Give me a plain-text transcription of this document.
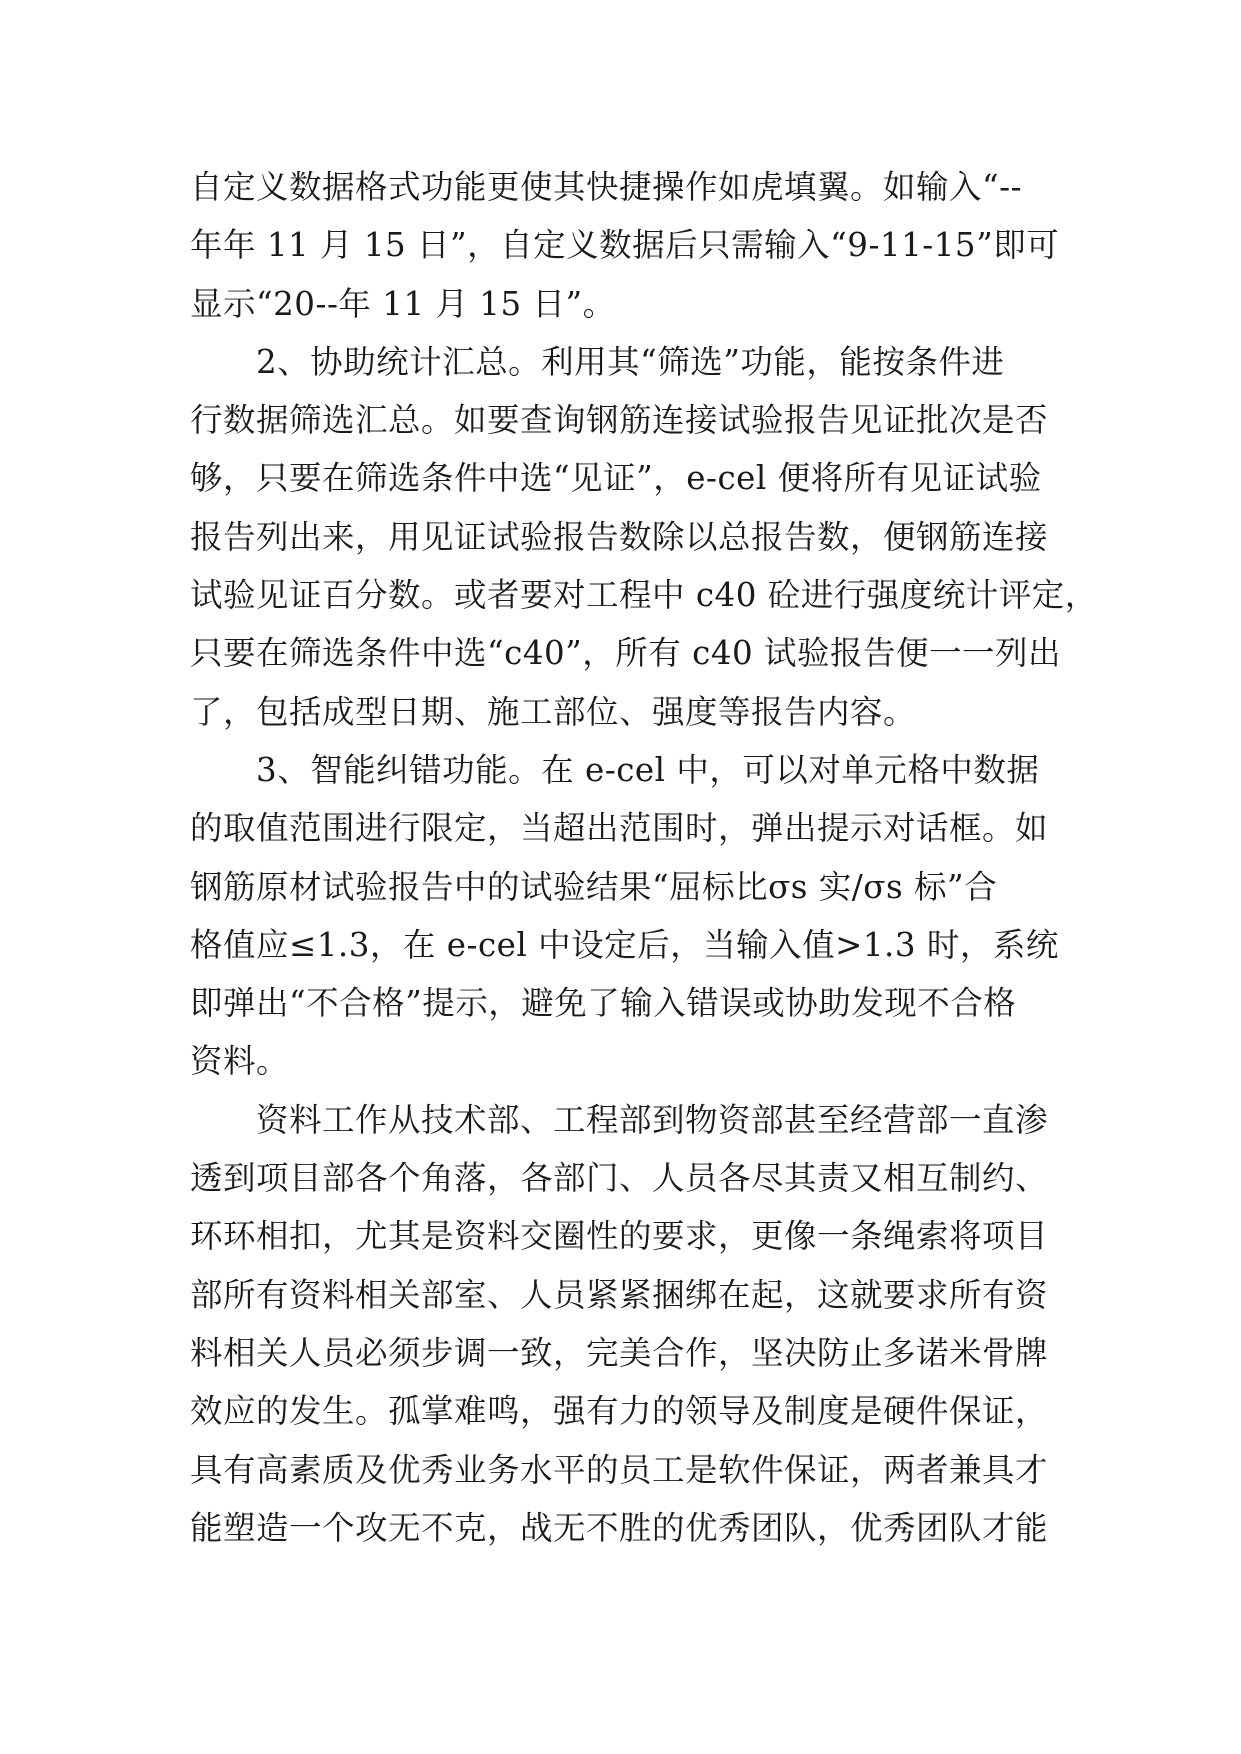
自定义数据格式功能更使其快捷操作如虎填翼。如输入“--
年年 11 月 15 日”，自定义数据后只需输入“9-11-15”即可
显示“20--年 11 月 15 日”。
　　2、协助统计汇总。利用其“筛选”功能，能按条件进
行数据筛选汇总。如要查询钢筋连接试验报告见证批次是否
够，只要在筛选条件中选“见证”，e-cel 便将所有见证试验
报告列出来，用见证试验报告数除以总报告数，便钢筋连接
试验见证百分数。或者要对工程中 c40 砼进行强度统计评定，
只要在筛选条件中选“c40”，所有 c40 试验报告便一一列出
了，包括成型日期、施工部位、强度等报告内容。
　　3、智能纠错功能。在 e-cel 中，可以对单元格中数据
的取值范围进行限定，当超出范围时，弹出提示对话框。如
钢筋原材试验报告中的试验结果“屈标比σs 实/σs 标”合
格值应≤1.3，在 e-cel 中设定后，当输入值>1.3 时，系统
即弹出“不合格”提示，避免了输入错误或协助发现不合格
资料。
　　资料工作从技术部、工程部到物资部甚至经营部一直渗
透到项目部各个角落，各部门、人员各尽其责又相互制约、
环环相扣，尤其是资料交圈性的要求，更像一条绳索将项目
部所有资料相关部室、人员紧紧捆绑在起，这就要求所有资
料相关人员必须步调一致，完美合作，坚决防止多诺米骨牌
效应的发生。孤掌难鸣，强有力的领导及制度是硬件保证，
具有高素质及优秀业务水平的员工是软件保证，两者兼具才
能塑造一个攻无不克，战无不胜的优秀团队，优秀团队才能
